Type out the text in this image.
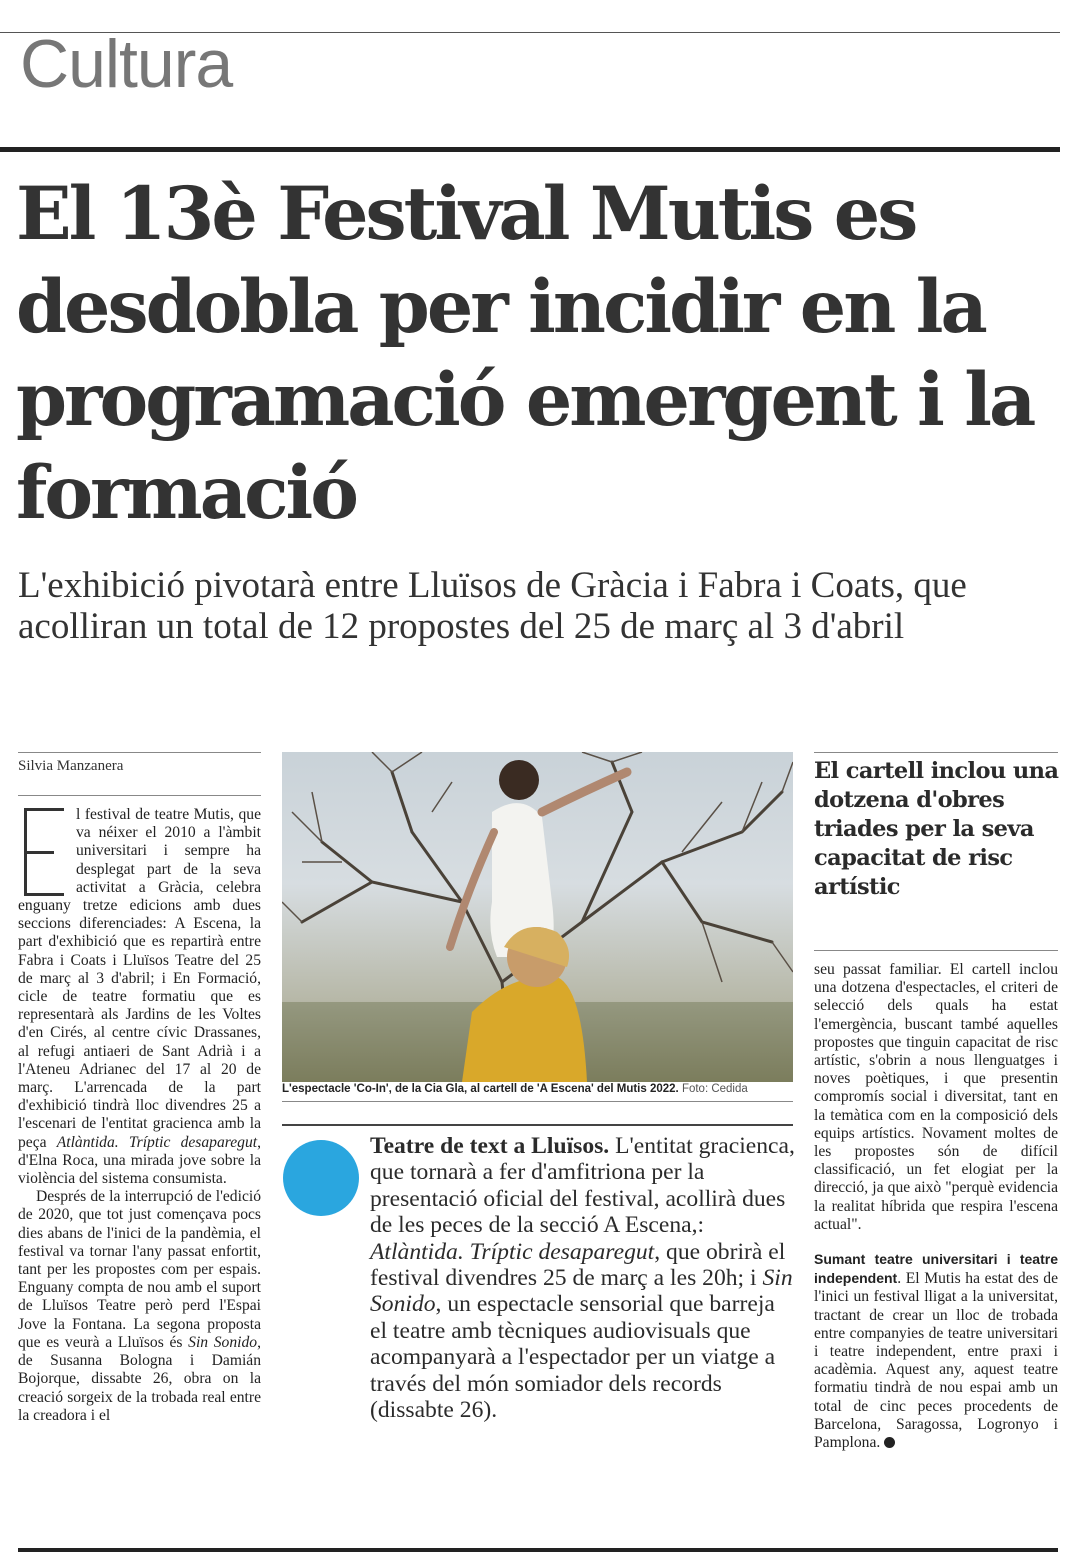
Cultura
El 13è Festival Mutis es desdobla per incidir en la programació emergent i la formació

L'exhibició pivotarà entre Lluïsos de Gràcia i Fabra i Coats, que acolliran un total de 12 propostes del 25 de març al 3 d'abril

Silvia Manzanera

l festival de teatre Mutis, que va néixer el 2010 a l'àmbit universitari i sempre ha desplegat part de la seva activitat a Gràcia, celebra enguany tretze edicions amb dues seccions diferenciades: A Escena, la part d'exhibició que es repartirà entre Fabra i Coats i Lluïsos Teatre del 25 de març al 3 d'abril; i En Formació, cicle de teatre formatiu que es representarà als Jardins de les Voltes d'en Cirés, al centre cívic Drassanes, al refugi antiaeri de Sant Adrià i a l'Ateneu Adrianec del 17 al 20 de març. L'arrencada de la part d'exhibició tindrà lloc divendres 25 a l'escenari de l'entitat gracienca amb la peça Atlàntida. Tríptic desaparegut, d'Elna Roca, una mirada jove sobre la violència del sistema consumista.

Després de la interrupció de l'edició de 2020, que tot just començava pocs dies abans de l'inici de la pandèmia, el festival va tornar l'any passat enfortit, tant per les propostes com per espais. Enguany compta de nou amb el suport de Lluïsos Teatre però perd l'Espai Jove la Fontana. La segona proposta que es veurà a Lluïsos és Sin Sonido, de Susanna Bologna i Damián Bojorque, dissabte 26, obra on la creació sorgeix de la trobada real entre la creadora i el

L'espectacle 'Co-In', de la Cia Gla, al cartell de 'A Escena' del Mutis 2022. Foto: Cedida

El cartell inclou una dotzena d'obres triades per la seva capacitat de risc artístic

Teatre de text a Lluïsos. L'entitat gracienca, que tornarà a fer d'amfitriona per la presentació oficial del festival, acollirà dues de les peces de la secció A Escena,: Atlàntida. Tríptic desaparegut, que obrirà el festival divendres 25 de març a les 20h; i Sin Sonido, un espectacle sensorial que barreja el teatre amb tècniques audiovisuals que acompanyarà a l'espectador per un viatge a través del món somiador dels records (dissabte 26).

seu passat familiar. El cartell inclou una dotzena d'espectacles, el criteri de selecció dels quals ha estat l'emergència, buscant també aquelles propostes que tinguin capacitat de risc artístic, s'obrin a nous llenguatges i noves poètiques, i que presentin compromís social i diversitat, tant en la temàtica com en la composició dels equips artístics. Novament moltes de les propostes són de difícil classificació, un fet elogiat per la direcció, ja que això "perquè evidencia la realitat híbrida que respira l'escena actual".

Sumant teatre universitari i teatre independent. El Mutis ha estat des de l'inici un festival lligat a la universitat, tractant de crear un lloc de trobada entre companyies de teatre universitari i teatre independent, entre praxi i acadèmia. Aquest any, aquest teatre formatiu tindrà de nou espai amb un total de cinc peces procedents de Barcelona, Saragossa, Logronyo i Pamplona.
